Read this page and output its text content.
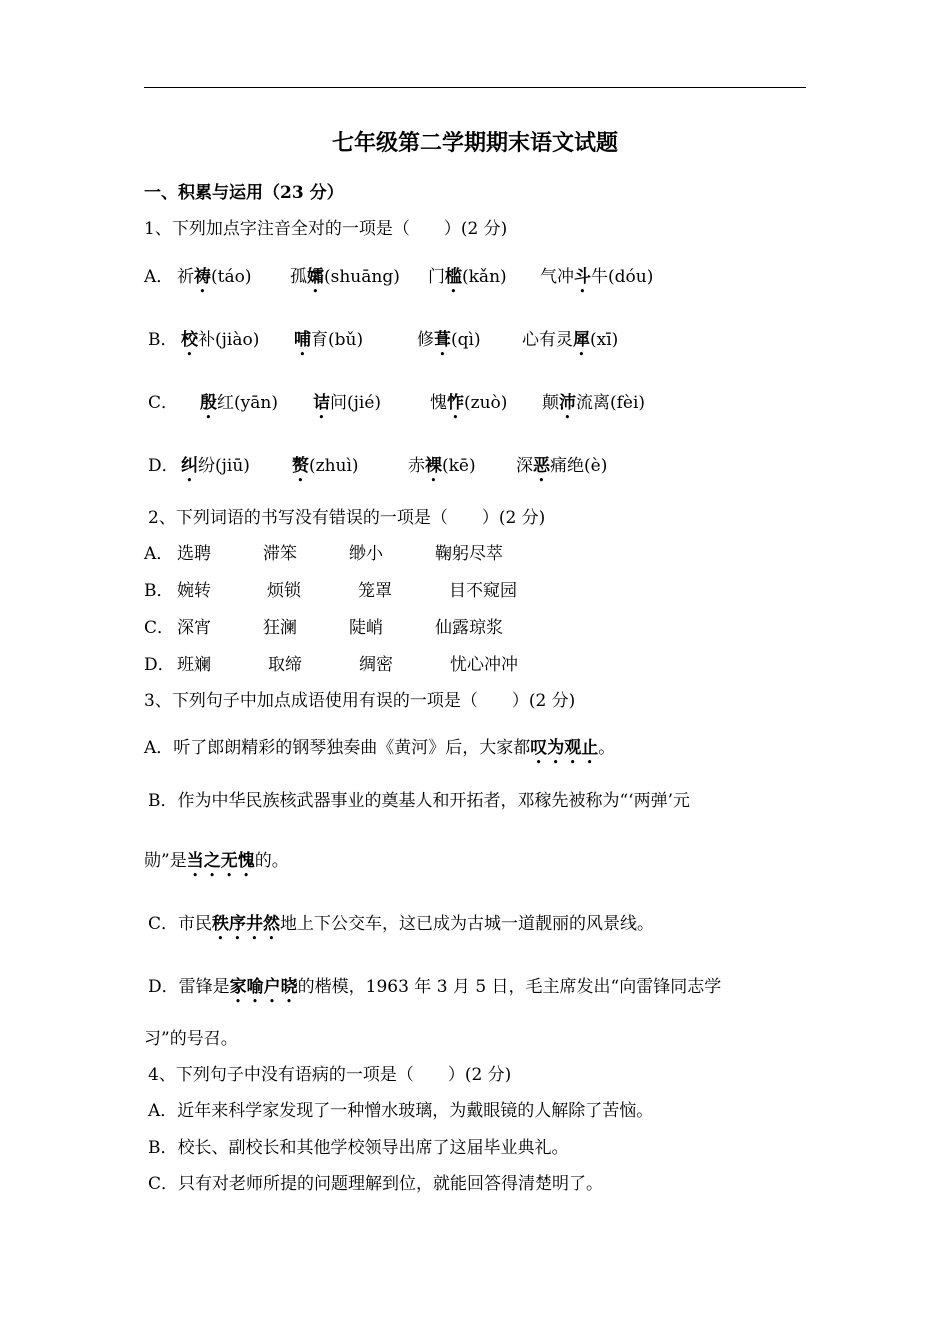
七年级第二学期期末语文试题
一、积累与运用（23 分）
1、下列加点字注音全对的一项是（　　）(2 分)
A． 祈祷(táo) 孤孀(shuāng) 门槛(kǎn) 气冲斗牛(dóu)
B． 校补(jiào) 哺育(bǔ)	修葺(qì) 心有灵犀(xī)
C． 殷红(yān) 诘问(jié)	愧怍(zuò) 颠沛流离(fèi)
D． 纠纷(jiū) 赘(zhuì)	赤裸(kē) 深恶痛绝(è)
2、下列词语的书写没有错误的一项是（　　）(2 分)
A． 选聘	滞笨	缈小	鞠躬尽萃
B． 婉转	烦锁	笼罩	目不窥园
C． 深宵	狂澜	陡峭	仙露琼浆
D． 班斓	取缔	绸密	忧心冲冲
3、下列句子中加点成语使用有误的一项是（　　）(2 分)
A．听了郎朗精彩的钢琴独奏曲《黄河》后，大家都叹为观止。
B．作为中华民族核武器事业的奠基人和开拓者，邓稼先被称为“‘两弹’元
勋”是当之无愧的。
C．市民秩序井然地上下公交车，这已成为古城一道靓丽的风景线。
D．雷锋是家喻户晓的楷模，1963 年 3 月 5 日，毛主席发出“向雷锋同志学
习”的号召。
4、下列句子中没有语病的一项是（　　）(2 分)
A．近年来科学家发现了一种憎水玻璃，为戴眼镜的人解除了苦恼。
B．校长、副校长和其他学校领导出席了这届毕业典礼。
C．只有对老师所提的问题理解到位，就能回答得清楚明了。
